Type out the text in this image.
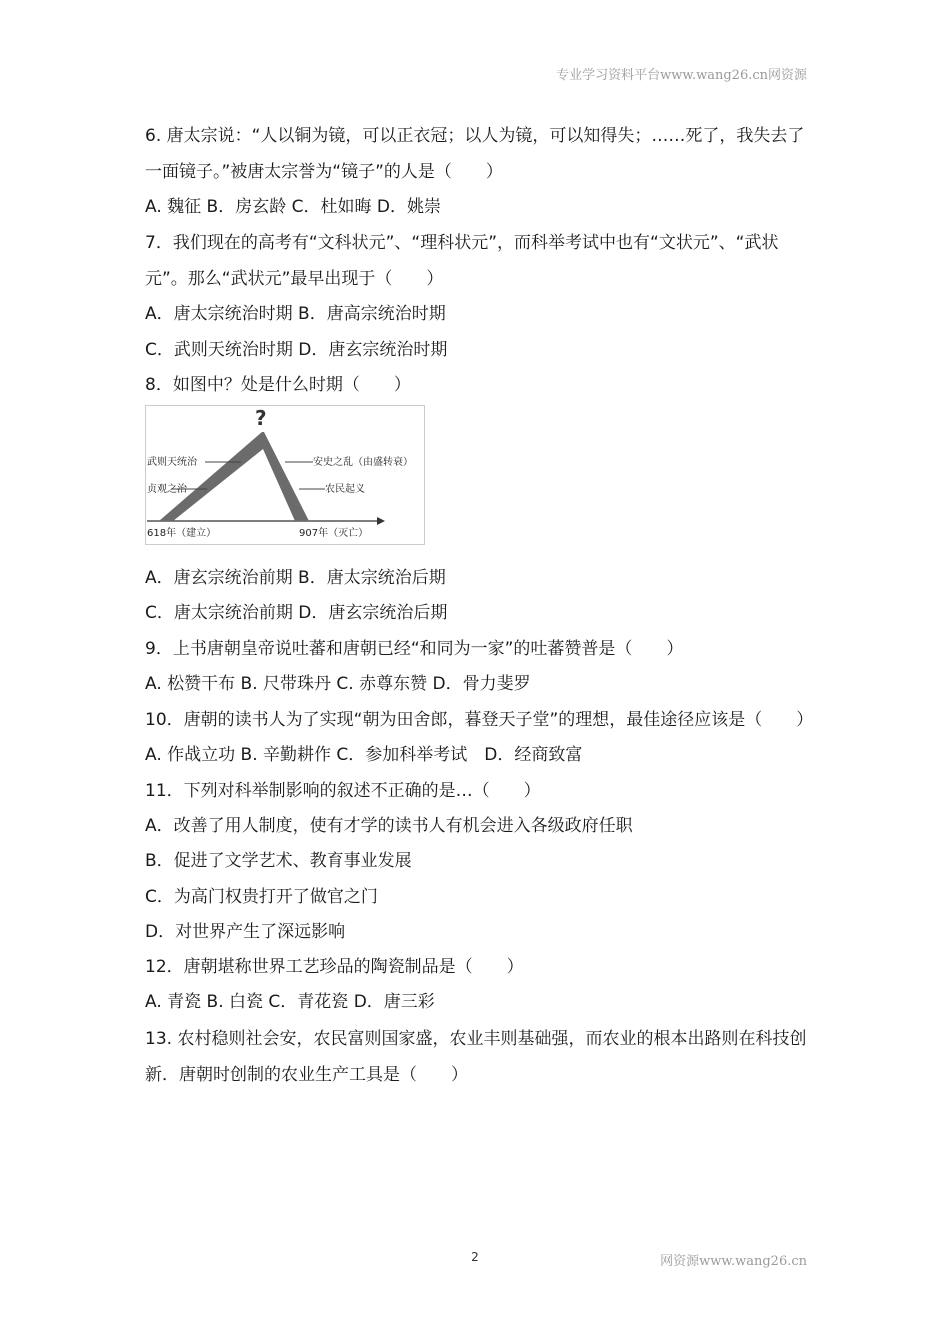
专业学习资料平台www.wang26.cn网资源
6. 唐太宗说：“人以铜为镜，可以正衣冠；以人为镜，可以知得失；……死了，我失去了一面镜子。”被唐太宗誉为“镜子”的人是（　　）
A. 魏征 B．房玄龄 C．杜如晦 D．姚崇
7．我们现在的高考有“文科状元”、“理科状元”，而科举考试中也有“文状元”、“武状元”。那么“武状元”最早出现于（　　）
A．唐太宗统治时期 B．唐高宗统治时期
C．武则天统治时期 D．唐玄宗统治时期
8．如图中？处是什么时期（　　）
?
武则天统治
贞观之治
安史之乱（由盛转衰）
农民起义
618年（建立）	907年（灭亡）
A．唐玄宗统治前期 B．唐太宗统治后期
C．唐太宗统治前期 D．唐玄宗统治后期
9．上书唐朝皇帝说吐蕃和唐朝已经“和同为一家”的吐蕃赞普是（　　）
A. 松赞干布 B. 尺带珠丹 C. 赤尊东赞 D．骨力斐罗
10．唐朝的读书人为了实现“朝为田舍郎，暮登天子堂”的理想，最佳途径应该是（　　）
A. 作战立功 B. 辛勤耕作 C．参加科举考试　D．经商致富
11．下列对科举制影响的叙述不正确的是…（　　）
A．改善了用人制度，使有才学的读书人有机会进入各级政府任职
B．促进了文学艺术、教育事业发展
C．为高门权贵打开了做官之门
D．对世界产生了深远影响
12．唐朝堪称世界工艺珍品的陶瓷制品是（　　）
A. 青瓷 B. 白瓷 C．青花瓷 D．唐三彩
13. 农村稳则社会安，农民富则国家盛，农业丰则基础强，而农业的根本出路则在科技创新．唐朝时创制的农业生产工具是（　　）
2	网资源www.wang26.cn
